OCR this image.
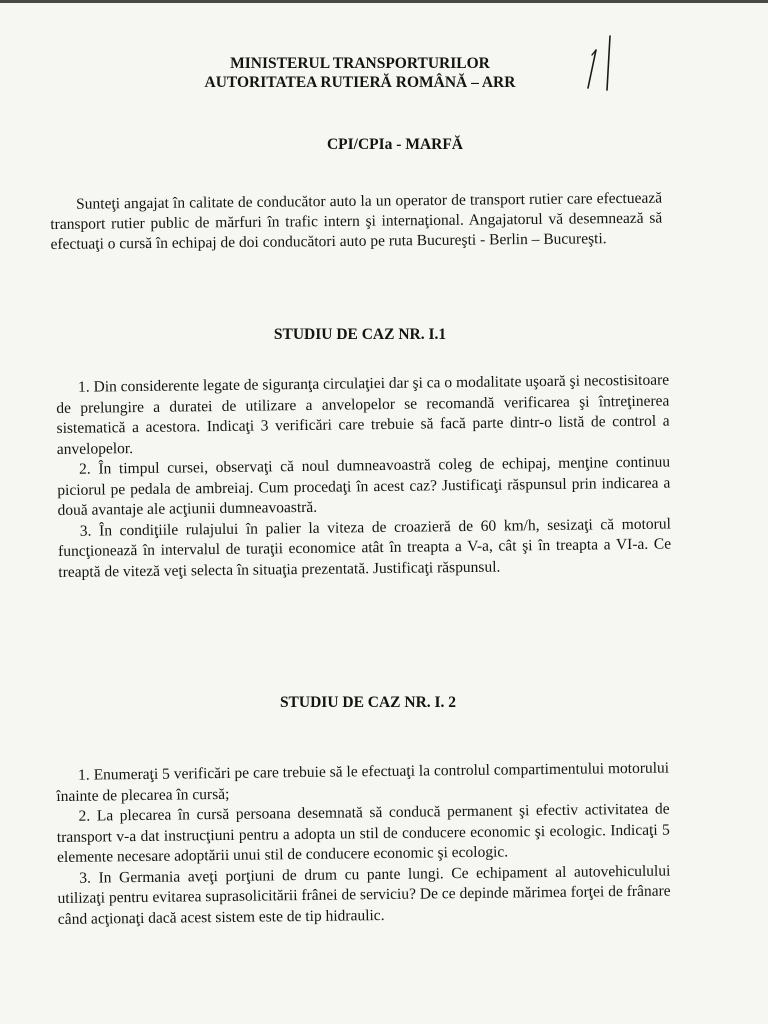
MINISTERUL TRANSPORTURILOR
AUTORITATEA RUTIERĂ ROMÂNĂ – ARR
CPI/CPIa - MARFĂ
Sunteţi angajat în calitate de conducător auto la un operator de transport rutier care efectuează transport rutier public de mărfuri în trafic intern şi internaţional. Angajatorul vă desemnează să efectuaţi o cursă în echipaj de doi conducători auto pe ruta Bucureşti - Berlin – Bucureşti.
STUDIU DE CAZ NR. I.1

1. Din considerente legate de siguranţa circulaţiei dar şi ca o modalitate uşoară şi necostisitoare de prelungire a duratei de utilizare a anvelopelor se recomandă verificarea şi întreţinerea sistematică a acestora. Indicaţi 3 verificări care trebuie să facă parte dintr-o listă de control a anvelopelor.

2. În timpul cursei, observaţi că noul dumneavoastră coleg de echipaj, menţine continuu piciorul pe pedala de ambreiaj. Cum procedaţi în acest caz? Justificaţi răspunsul prin indicarea a două avantaje ale acţiunii dumneavoastră.

3. În condiţiile rulajului în palier la viteza de croazieră de 60 km/h, sesizaţi că motorul funcţionează în intervalul de turaţii economice atât în treapta a V-a, cât şi în treapta a VI-a. Ce treaptă de viteză veţi selecta în situaţia prezentată. Justificaţi răspunsul.

STUDIU DE CAZ NR. I. 2

1. Enumeraţi 5 verificări pe care trebuie să le efectuaţi la controlul compartimentului motorului înainte de plecarea în cursă;

2. La plecarea în cursă persoana desemnată să conducă permanent şi efectiv activitatea de transport v-a dat instrucţiuni pentru a adopta un stil de conducere economic şi ecologic. Indicaţi 5 elemente necesare adoptării unui stil de conducere economic şi ecologic.

3. In Germania aveţi porţiuni de drum cu pante lungi. Ce echipament al autovehiculului utilizaţi pentru evitarea suprasolicitării frânei de serviciu? De ce depinde mărimea forţei de frânare când acţionaţi dacă acest sistem este de tip hidraulic.
